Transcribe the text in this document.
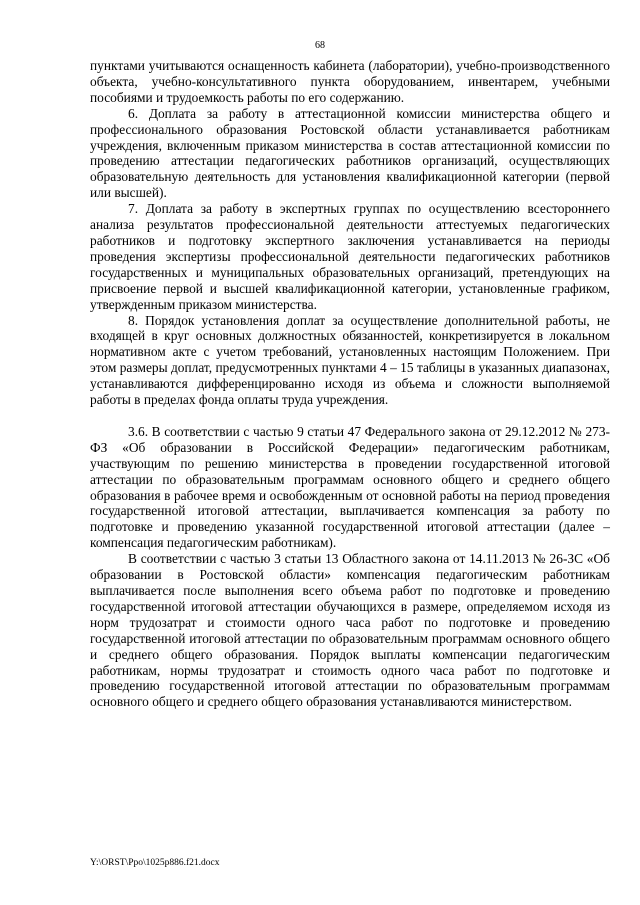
68

пунктами учитываются оснащенность кабинета (лаборатории), учебно-производственного объекта, учебно-консультативного пункта оборудованием, инвентарем, учебными пособиями и трудоемкость работы по его содержанию.

6. Доплата за работу в аттестационной комиссии министерства общего и профессионального образования Ростовской области устанавливается работникам учреждения, включенным приказом министерства в состав аттестационной комиссии по проведению аттестации педагогических работников организаций, осуществляющих образовательную деятельность для установления квалификационной категории (первой или высшей).

7. Доплата за работу в экспертных группах по осуществлению всестороннего анализа результатов профессиональной деятельности аттестуемых педагогических работников и подготовку экспертного заключения устанавливается на периоды проведения экспертизы профессиональной деятельности педагогических работников государственных и муниципальных образовательных организаций, претендующих на присвоение первой и высшей квалификационной категории, установленные графиком, утвержденным приказом министерства.

8. Порядок установления доплат за осуществление дополнительной работы, не входящей в круг основных должностных обязанностей, конкретизируется в локальном нормативном акте с учетом требований, установленных настоящим Положением. При этом размеры доплат, предусмотренных пунктами 4 – 15 таблицы в указанных диапазонах, устанавливаются дифференцированно исходя из объема и сложности выполняемой работы в пределах фонда оплаты труда учреждения.

3.6. В соответствии с частью 9 статьи 47 Федерального закона от 29.12.2012 № 273-ФЗ «Об образовании в Российской Федерации» педагогическим работникам, участвующим по решению министерства в проведении государственной итоговой аттестации по образовательным программам основного общего и среднего общего образования в рабочее время и освобожденным от основной работы на период проведения государственной итоговой аттестации, выплачивается компенсация за работу по подготовке и проведению указанной государственной итоговой аттестации (далее – компенсация педагогическим работникам).

В соответствии с частью 3 статьи 13 Областного закона от 14.11.2013 № 26-ЗС «Об образовании в Ростовской области» компенсация педагогическим работникам выплачивается после выполнения всего объема работ по подготовке и проведению государственной итоговой аттестации обучающихся в размере, определяемом исходя из норм трудозатрат и стоимости одного часа работ по подготовке и проведению государственной итоговой аттестации по образовательным программам основного общего и среднего общего образования. Порядок выплаты компенсации педагогическим работникам, нормы трудозатрат и стоимость одного часа работ по подготовке и проведению государственной итоговой аттестации по образовательным программам основного общего и среднего общего образования устанавливаются министерством.

Y:\ORST\Ppo\1025p886.f21.docx
